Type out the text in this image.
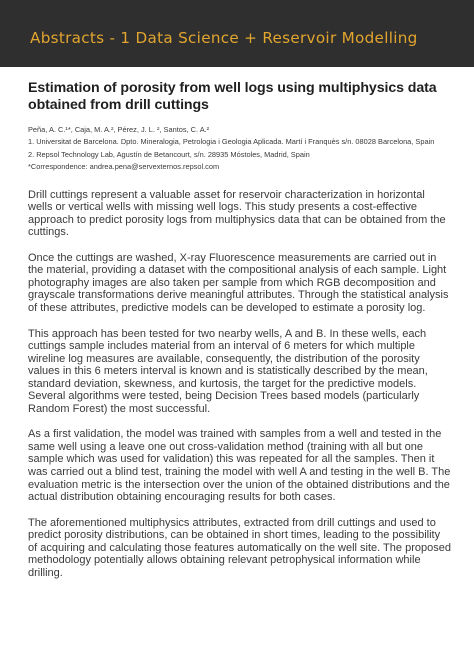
Abstracts - 1 Data Science + Reservoir Modelling
Estimation of porosity from well logs using multiphysics data obtained from drill cuttings
Peña, A. C.¹*, Caja, M. A.², Pérez, J. L. ², Santos, C. A.²
1. Universitat de Barcelona. Dpto. Mineralogia, Petrologia i Geologia Aplicada. Martí i Franquès s/n. 08028 Barcelona, Spain
2. Repsol Technology Lab, Agustín de Betancourt, s/n. 28935 Móstoles, Madrid, Spain
*Correspondence: andrea.pena@servexternos.repsol.com

Drill cuttings represent a valuable asset for reservoir characterization in horizontal wells or vertical wells with missing well logs. This study presents a cost-effective approach to predict porosity logs from multiphysics data that can be obtained from the cuttings.

Once the cuttings are washed, X-ray Fluorescence measurements are carried out in the material, providing a dataset with the compositional analysis of each sample. Light photography images are also taken per sample from which RGB decomposition and grayscale transformations derive meaningful attributes. Through the statistical analysis of these attributes, predictive models can be developed to estimate a porosity log.

This approach has been tested for two nearby wells, A and B. In these wells, each cuttings sample includes material from an interval of 6 meters for which multiple wireline log measures are available, consequently, the distribution of the porosity values in this 6 meters interval is known and is statistically described by the mean, standard deviation, skewness, and kurtosis, the target for the predictive models. Several algorithms were tested, being Decision Trees based models (particularly Random Forest) the most successful.

As a first validation, the model was trained with samples from a well and tested in the same well using a leave one out cross-validation method (training with all but one sample which was used for validation) this was repeated for all the samples. Then it was carried out a blind test, training the model with well A and testing in the well B. The evaluation metric is the intersection over the union of the obtained distributions and the actual distribution obtaining encouraging results for both cases.

The aforementioned multiphysics attributes, extracted from drill cuttings and used to predict porosity distributions, can be obtained in short times, leading to the possibility of acquiring and calculating those features automatically on the well site. The proposed methodology potentially allows obtaining relevant petrophysical information while drilling.
